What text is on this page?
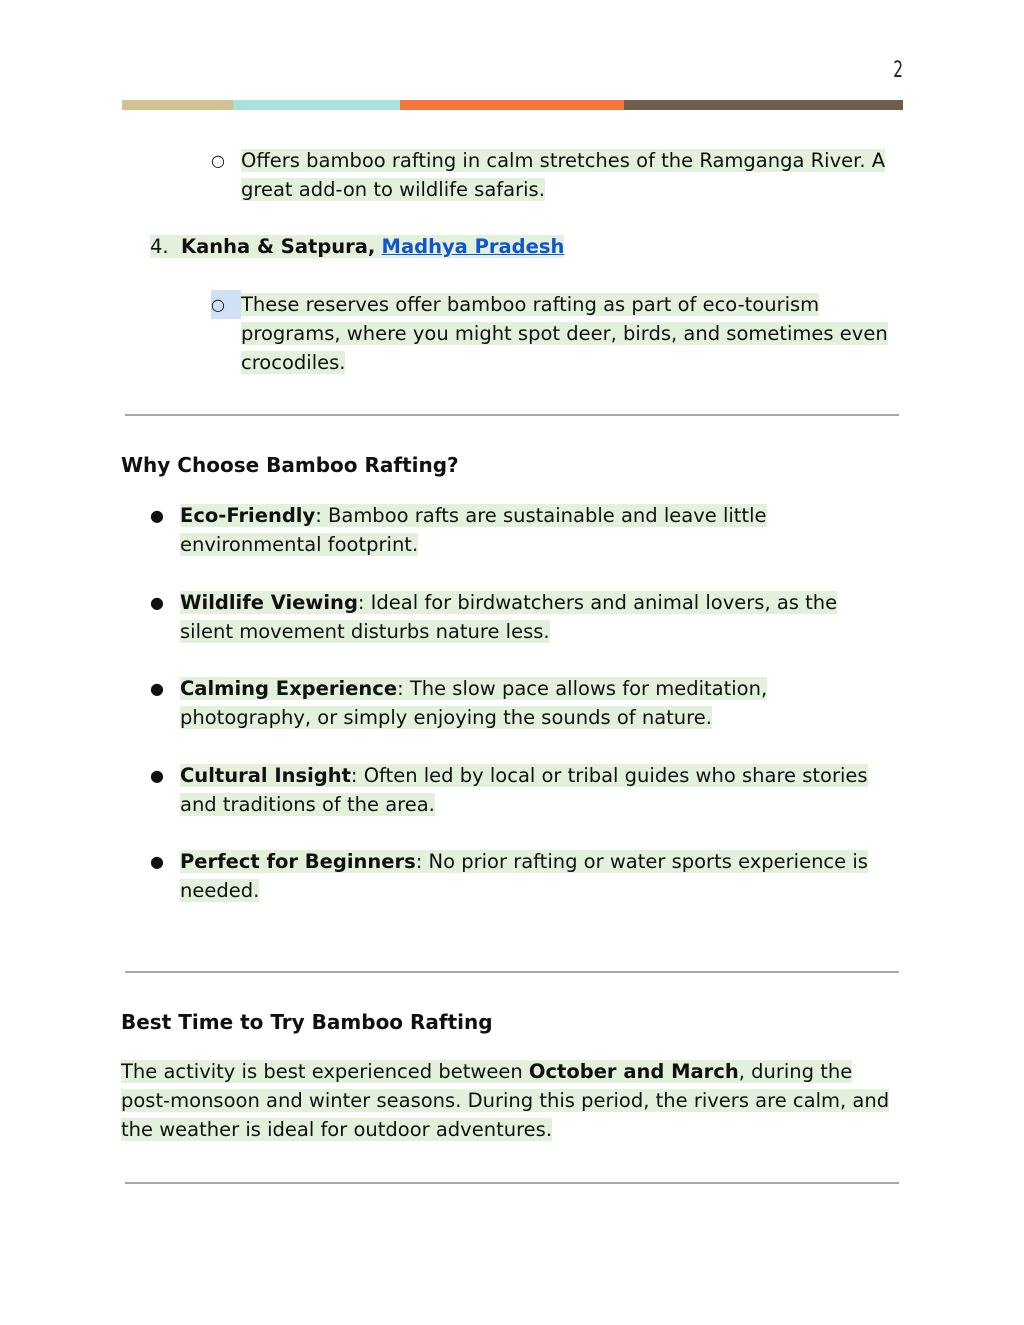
2
○ Offers bamboo rafting in calm stretches of the Ramganga River. A great add-on to wildlife safaris.
4. Kanha & Satpura, Madhya Pradesh
○ These reserves offer bamboo rafting as part of eco-tourism programs, where you might spot deer, birds, and sometimes even crocodiles.
Why Choose Bamboo Rafting?
● Eco-Friendly: Bamboo rafts are sustainable and leave little environmental footprint.
● Wildlife Viewing: Ideal for birdwatchers and animal lovers, as the silent movement disturbs nature less.
● Calming Experience: The slow pace allows for meditation, photography, or simply enjoying the sounds of nature.
● Cultural Insight: Often led by local or tribal guides who share stories and traditions of the area.
● Perfect for Beginners: No prior rafting or water sports experience is needed.
Best Time to Try Bamboo Rafting
The activity is best experienced between October and March, during the post-monsoon and winter seasons. During this period, the rivers are calm, and the weather is ideal for outdoor adventures.
